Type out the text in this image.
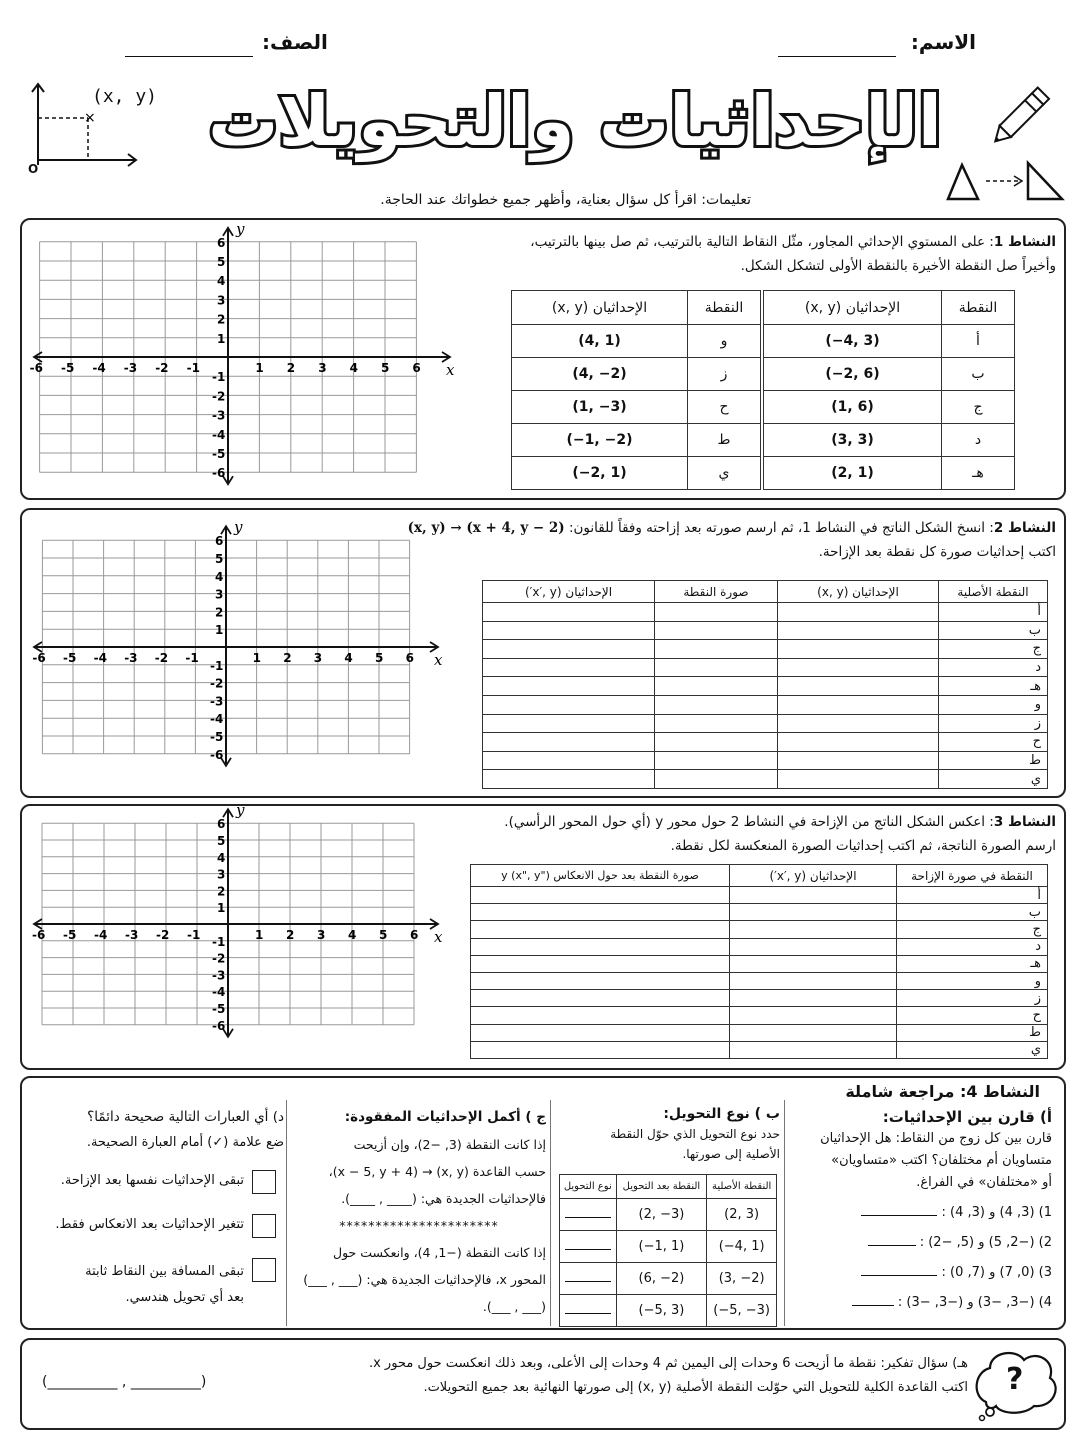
الاسم:
الصف:
×
(x, y)
O
الإحداثيات والتحويلات
تعليمات: اقرأ كل سؤال بعناية، وأظهر جميع خطواتك عند الحاجة.
x
y
-6
-6
-5
-5
-4
-4
-3
-3
-2
-2
-1
-1
1
1
2
2
3
3
4
4
5
5
6
6	النشاط 1: على المستوي الإحداثي المجاور، مثّل النقاط التالية بالترتيب، ثم صل بينها بالترتيب،
وأخيراً صل النقطة الأخيرة بالنقطة الأولى لتشكل الشكل.
النقطة	الإحداثيان (x, y)
أ	(−4, 3)
ب	(−2, 6)
ج	(1, 6)
د	(3, 3)
هـ	(2, 1)
النقطة	الإحداثيان (x, y)
و	(4, 1)
ز	(4, −2)
ح	(1, −3)
ط	(−1, −2)
ي	(−2, 1)
x
y
-6
-6
-5
-5
-4
-4
-3
-3
-2
-2
-1
-1
1
1
2
2
3
3
4
4
5
5
6
6
النشاط 2: انسخ الشكل الناتج في النشاط 1، ثم ارسم صورته بعد إزاحته وفقاً للقانون: (x, y) → (x + 4, y − 2)
اكتب إحداثيات صورة كل نقطة بعد الإزاحة.
النقطة الأصلية	الإحداثيان (x, y)	صورة النقطة	الإحداثيان (x′, y′)
أ			
ب			
ج			
د			
هـ			
و			
ز			
ح			
ط			
ي			
x
y
-6
-6
-5
-5
-4
-4
-3
-3
-2
-2
-1 -1 1
1
2
2
3
3
4
4
5
5
6
6	النشاط 3: اعكس الشكل الناتج من الإزاحة في النشاط 2 حول محور y (أي حول المحور الرأسي).
ارسم الصورة الناتجة، ثم اكتب إحداثيات الصورة المنعكسة لكل نقطة.
النقطة في صورة الإزاحة	الإحداثيان (x′, y′)	صورة النقطة بعد حول الانعكاس y (x", y")
أ		
ب		
ج		
د		
هـ		
و		
ز		
ح		
ط		
ي		
النشاط 4: مراجعة شاملة
أ) قارن بين الإحداثيات:
قارن بين كل زوج من النقاط: هل الإحداثيان
متساويان أم مختلفان؟ اكتب «متساويان»
أو «مختلفان» في الفراغ.
1) (3, 4) و (3, 4) :
2) (−2, 5) و (5, −2) :
3) (0, 7) و (7, 0) :
4) (−3, −3) و (−3, −3) :
ب ) نوع التحويل:
حدد نوع التحويل الذي حوّل النقطة
الأصلية إلى صورتها.
النقطة الأصلية	النقطة بعد التحويل	نوع التحويل
(2, 3)	(2, −3)	
(−4, 1)	(−1, 1)	
(3, −2)	(6, −2)	
(−5, −3)	(−5, 3)	
ج ) أكمل الإحداثيات المفقودة:
إذا كانت النقطة (3, −2)، وإن أزيحت
حسب القاعدة (x, y) → (x − 5, y + 4)،
فالإحداثيات الجديدة هي: (____ , ____).
**********************
إذا كانت النقطة (−1, 4)، وانعكست حول
المحور x، فالإحداثيات الجديدة هي: (___ , ___)
(___ , ___).
د) أي العبارات التالية صحيحة دائمًا؟
ضع علامة (✓) أمام العبارة الصحيحة.
تبقى الإحداثيات نفسها بعد الإزاحة.
تتغير الإحداثيات بعد الانعكاس فقط.
تبقى المسافة بين النقاط ثابتة
بعد أي تحويل هندسي.
?
هـ) سؤال تفكير: نقطة ما أزيحت 6 وحدات إلى اليمين ثم 4 وحدات إلى الأعلى، وبعد ذلك انعكست حول محور x.
اكتب القاعدة الكلية للتحويل التي حوّلت النقطة الأصلية (x, y) إلى صورتها النهائية بعد جميع التحويلات.
(__________ , __________)
